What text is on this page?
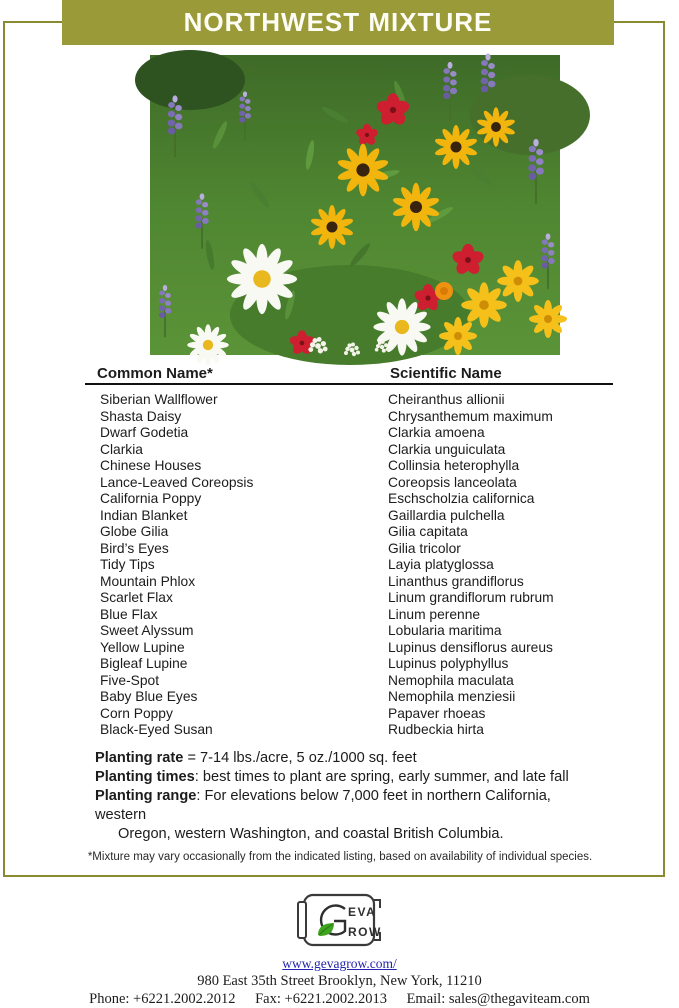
NORTHWEST MIXTURE
Common Name*	Scientific Name
Siberian Wallflower	Cheiranthus allionii
Shasta Daisy	Chrysanthemum maximum
Dwarf Godetia	Clarkia amoena
Clarkia	Clarkia unguiculata
Chinese Houses	Collinsia heterophylla
Lance-Leaved Coreopsis	Coreopsis lanceolata
California Poppy	Eschscholzia californica
Indian Blanket	Gaillardia pulchella
Globe Gilia	Gilia capitata
Bird’s Eyes	Gilia tricolor
Tidy Tips	Layia platyglossa
Mountain Phlox	Linanthus grandiflorus
Scarlet Flax	Linum grandiflorum rubrum
Blue Flax	Linum perenne
Sweet Alyssum	Lobularia maritima
Yellow Lupine	Lupinus densiflorus aureus
Bigleaf Lupine	Lupinus polyphyllus
Five-Spot	Nemophila maculata
Baby Blue Eyes	Nemophila menziesii
Corn Poppy	Papaver rhoeas
Black-Eyed Susan	Rudbeckia hirta
Planting rate = 7-14 lbs./acre, 5 oz./1000 sq. feet
Planting times: best times to plant are spring, early summer, and late fall
Planting range: For elevations below 7,000 feet in northern California,
western
Oregon, western Washington, and coastal British Columbia.
*Mixture may vary occasionally from the indicated listing, based on availability of individual species.
EVA
ROW
www.gevagrow.com/
980 East 35th Street Brooklyn, New York, 11210
Phone: +6221.2002.2012 Fax: +6221.2002.2013 Email: sales@thegaviteam.com
